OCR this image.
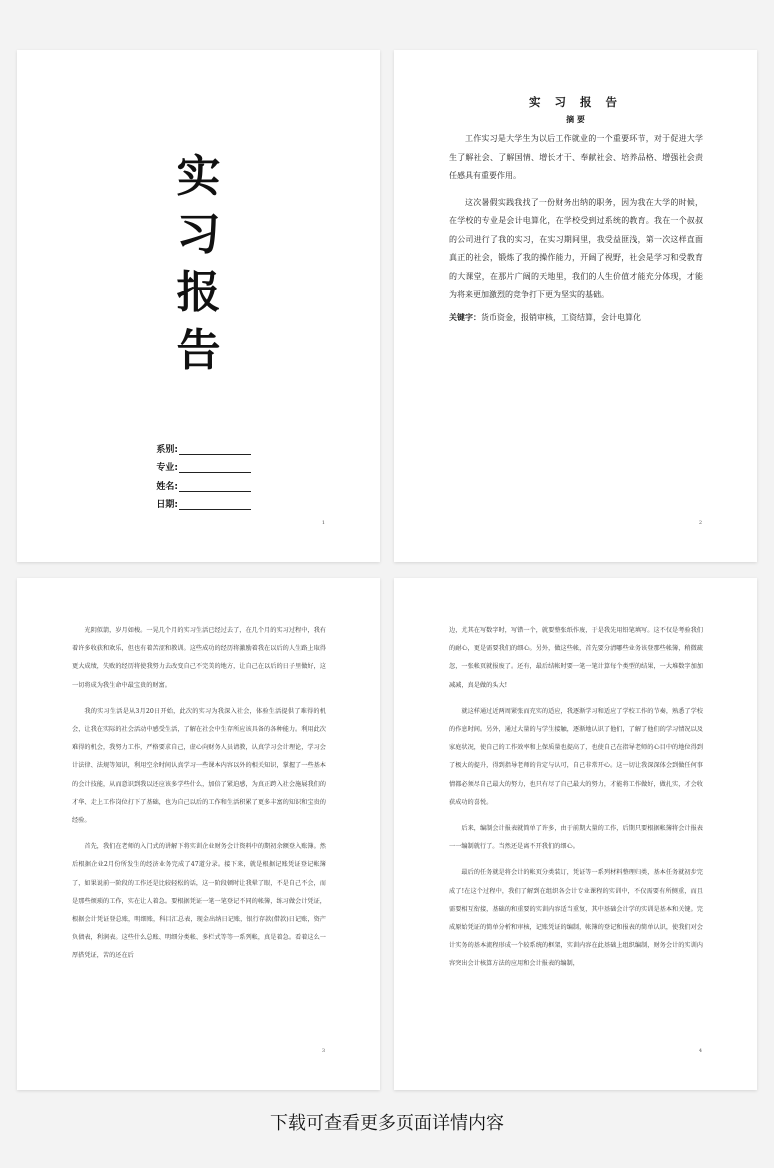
实
习
报
告
系别:
专业:
姓名:
日期:
1
实 习 报 告
摘 要

工作实习是大学生为以后工作就业的一个重要环节，对于促进大学生了解社会、了解国情、增长才干、奉献社会、培养品格、增强社会责任感具有重要作用。

这次暑假实践我找了一份财务出纳的职务，因为我在大学的时候，在学校的专业是会计电算化，在学校受到过系统的教育。我在一个叔叔的公司进行了我的实习，在实习期间里，我受益匪浅，第一次这样直面真正的社会，锻炼了我的操作能力，开阔了视野，社会是学习和受教育的大课堂，在那片广阔的天地里，我们的人生价值才能充分体现，才能为将来更加激烈的竞争打下更为坚实的基础。

关键字：货币资金，报销审核，工资结算，会计电算化
2

光阴似箭，岁月如梭。一晃几个月的实习生活已经过去了，在几个月的实习过程中，我有着许多收获和欢乐，但也有着苦涩和教训。这些成功的经历将激励着我在以后的人生路上取得更大成绩，失败的经历将使我努力去改变自己不完美的地方，让自己在以后的日子里做好，这一切将成为我生命中最宝贵的财富。

我的实习生活是从3月20日开始，此次的实习为我深入社会，体验生活提供了难得的机会，让我在实际的社会活动中感受生活，了解在社会中生存所应该具备的各种能力。利用此次难得的机会，我努力工作，严格要求自己，虚心向财务人员请教，认真学习会计理论，学习会计法律、法规等知识，利用空余时间认真学习一些课本内容以外的相关知识，掌握了一些基本的会计技能，从而意识到我以还应该多学些什么，加倍了紧迫感，为真正跨入社会施展我们的才华、走上工作岗位打下了基础，也为自己以后的工作和生活积累了更多丰富的知识和宝贵的经验。

首先，我们在老师的入门式的讲解下将实训企业财务会计资料中的期初余额登入账簿。然后根据企业2月份所发生的经济业务完成了47道分录。接下来，就是根据记账凭证登记帐簿了，如果说前一阶段的工作还是比较轻松的话，这一阶段顿时让我晕了眼，不是自己不会，而是那些烦琐的工作，实在让人着急。要根据凭证一笔一笔登记不同的帐簿，练习做会计凭证，根据会计凭证登总账，明细账，科目汇总表，现金出纳日记账，银行存款(借款)日记账，资产负债表，利润表。这些什么总账、明细分类帐、多栏式等等一系列帐，真是着急。看着这么一厚搭凭证，苦的还在后

3

边，尤其在写数字时，写错一个，就要整张纸作废，于是我先用铅笔填写。这不仅是考验我们的耐心，更是需要我们的细心。另外，做这些帐，首先要分清哪些业务该登那些帐簿，稍微疏忽，一张帐页就报废了。还有，最后结帐时要一笔一笔计算每个类型的结果，一大堆数字加加减减，真是做的头大!

就这样通过近两周紧张而充实的适应，我逐渐学习和适应了学校工作的节奏，熟悉了学校的作息时间。另外，通过大量的与学生接触，逐渐地认识了他们，了解了他们的学习情况以及家庭状况，使自己的工作效率和上保质量也提高了，也使自己在指导老师的心目中的地位得到了极大的提升，得到指导老师的肯定与认可，自己非常开心。这一切让我深深体会到做任何事情都必须尽自己最大的努力，也只有尽了自己最大的努力，才能将工作做好，做扎实，才会收获成功的喜悦。

后来，编制会计报表就简单了许多，由于前期大量的工作，后期只要根据帐簿将会计报表一一编制就行了。当然还是离不开我们的细心。

最后的任务就是将会计的帐页分类装订，凭证等一系列材料整理归类，基本任务就初步完成了!在这个过程中，我们了解到在组织各会计专业课程的实训中，不仅需要有所侧重，而且需要相互衔接，基础的和重要的实训内容适当重复，其中基础会计学的实训是基本和关键。完成原始凭证的简单分析和审核，记账凭证的编制，帐簿的登记和报表的简单认识，使我们对会计实务的基本流程形成一个较系统的框架，实训内容在此基础上组织编制，财务会计的实训内容突出会计核算方法的应用和会计报表的编制，

4
下载可查看更多页面详情内容
